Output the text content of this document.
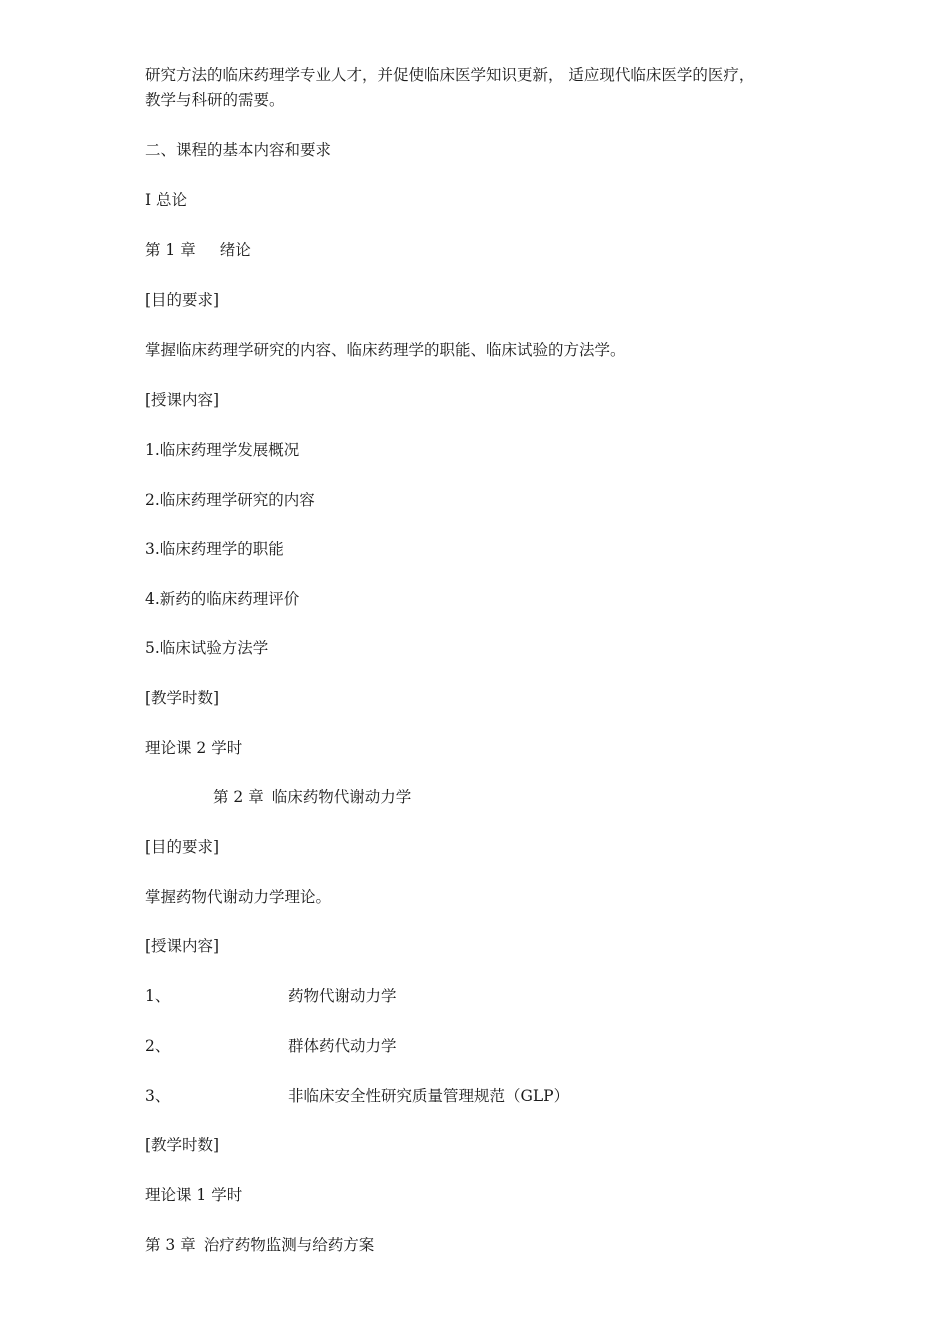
研究方法的临床药理学专业人才，并促使临床医学知识更新， 适应现代临床医学的医疗，
教学与科研的需要。
二、课程的基本内容和要求
I 总论
第 1 章 绪论
[目的要求]
掌握临床药理学研究的内容、临床药理学的职能、临床试验的方法学。
[授课内容]
1.临床药理学发展概况
2.临床药理学研究的内容
3.临床药理学的职能
4.新药的临床药理评价
5.临床试验方法学
[教学时数]
理论课 2 学时
第 2 章 临床药物代谢动力学
[目的要求]
掌握药物代谢动力学理论。
[授课内容]
1、	药物代谢动力学
2、	群体药代动力学
3、	非临床安全性研究质量管理规范（GLP）
[教学时数]
理论课 1 学时
第 3 章 治疗药物监测与给药方案
